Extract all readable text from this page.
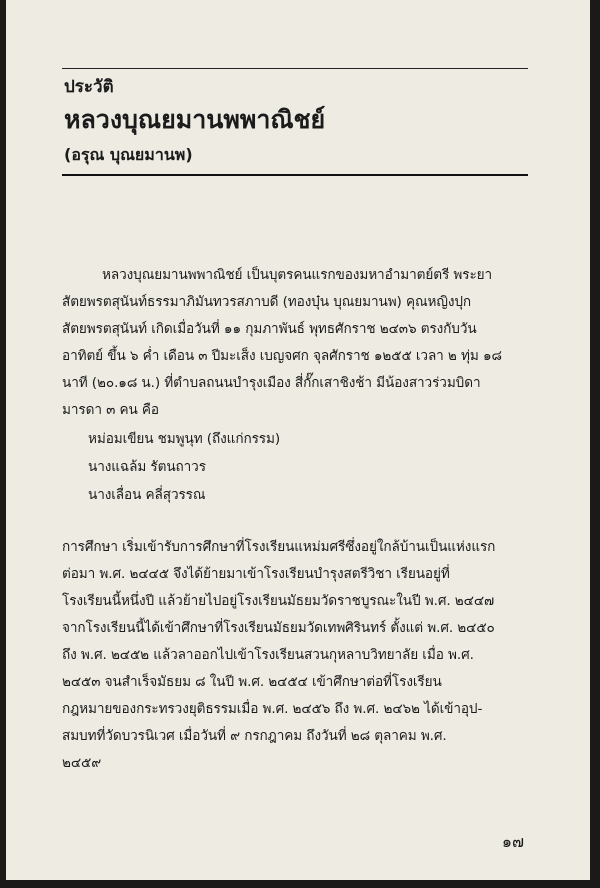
ประวัติ
หลวงบุณยมานพพาณิชย์
(อรุณ บุณยมานพ)
หลวงบุณยมานพพาณิชย์ เป็นบุตรคนแรกของมหาอำมาตย์ตรี พระยา
สัตยพรตสุนันท์ธรรมาภิมันทวรสภาบดี (ทองบุ๋น บุณยมานพ) คุณหญิงปุก
สัตยพรตสุนันท์ เกิดเมื่อวันที่ ๑๑ กุมภาพันธ์ พุทธศักราช ๒๔๓๖ ตรงกับวัน
อาทิตย์ ขึ้น ๖ ค่ำ เดือน ๓ ปีมะเส็ง เบญจศก จุลศักราช ๑๒๕๕ เวลา ๒ ทุ่ม ๑๘
นาที (๒๐.๑๘ น.) ที่ตำบลถนนบำรุงเมือง สี่กั๊กเสาชิงช้า มีน้องสาวร่วมบิดา
มารดา ๓ คน คือ
หม่อมเขียน ชมพูนุท (ถึงแก่กรรม)
นางแฉล้ม รัตนถาวร
นางเลื่อน คลี่สุวรรณ
การศึกษา เริ่มเข้ารับการศึกษาที่โรงเรียนแหม่มศรีซึ่งอยู่ใกล้บ้านเป็นแห่งแรก
ต่อมา พ.ศ. ๒๔๔๕ จึงได้ย้ายมาเข้าโรงเรียนบำรุงสตรีวิชา เรียนอยู่ที่
โรงเรียนนี้หนึ่งปี แล้วย้ายไปอยู่โรงเรียนมัธยมวัดราชบูรณะในปี พ.ศ. ๒๔๔๗
จากโรงเรียนนี้ได้เข้าศึกษาที่โรงเรียนมัธยมวัดเทพศิรินทร์ ตั้งแต่ พ.ศ. ๒๔๕๐
ถึง พ.ศ. ๒๔๕๒ แล้วลาออกไปเข้าโรงเรียนสวนกุหลาบวิทยาลัย เมื่อ พ.ศ.
๒๔๕๓ จนสำเร็จมัธยม ๘ ในปี พ.ศ. ๒๔๕๔ เข้าศึกษาต่อที่โรงเรียน
กฎหมายของกระทรวงยุติธรรมเมื่อ พ.ศ. ๒๔๕๖ ถึง พ.ศ. ๒๔๖๒ ได้เข้าอุป-
สมบทที่วัดบวรนิเวศ เมื่อวันที่ ๙ กรกฎาคม ถึงวันที่ ๒๘ ตุลาคม พ.ศ.
๒๔๕๙
๑๗
